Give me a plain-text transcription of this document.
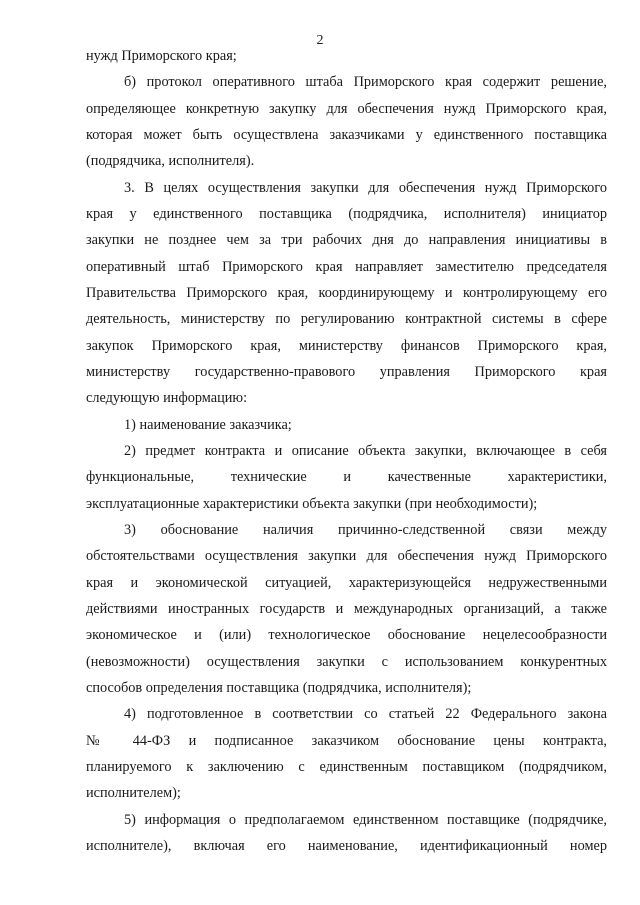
2
нужд Приморского края;
б) протокол оперативного штаба Приморского края содержит решение,
определяющее конкретную закупку для обеспечения нужд Приморского края,
которая может быть осуществлена заказчиками у единственного поставщика
(подрядчика, исполнителя).
3. В целях осуществления закупки для обеспечения нужд Приморского
края у единственного поставщика (подрядчика, исполнителя) инициатор
закупки не позднее чем за три рабочих дня до направления инициативы в
оперативный штаб Приморского края направляет заместителю председателя
Правительства Приморского края, координирующему и контролирующему его
деятельность, министерству по регулированию контрактной системы в сфере
закупок Приморского края, министерству финансов Приморского края,
министерству государственно-правового управления Приморского края
следующую информацию:
1) наименование заказчика;
2) предмет контракта и описание объекта закупки, включающее в себя
функциональные, технические и качественные характеристики,
эксплуатационные характеристики объекта закупки (при необходимости);
3) обоснование наличия причинно-следственной связи между
обстоятельствами осуществления закупки для обеспечения нужд Приморского
края и экономической ситуацией, характеризующейся недружественными
действиями иностранных государств и международных организаций, а также
экономическое и (или) технологическое обоснование нецелесообразности
(невозможности) осуществления закупки с использованием конкурентных
способов определения поставщика (подрядчика, исполнителя);
4) подготовленное в соответствии со статьей 22 Федерального закона
№ 44-ФЗ и подписанное заказчиком обоснование цены контракта,
планируемого к заключению с единственным поставщиком (подрядчиком,
исполнителем);
5) информация о предполагаемом единственном поставщике (подрядчике,
исполнителе), включая его наименование, идентификационный номер
